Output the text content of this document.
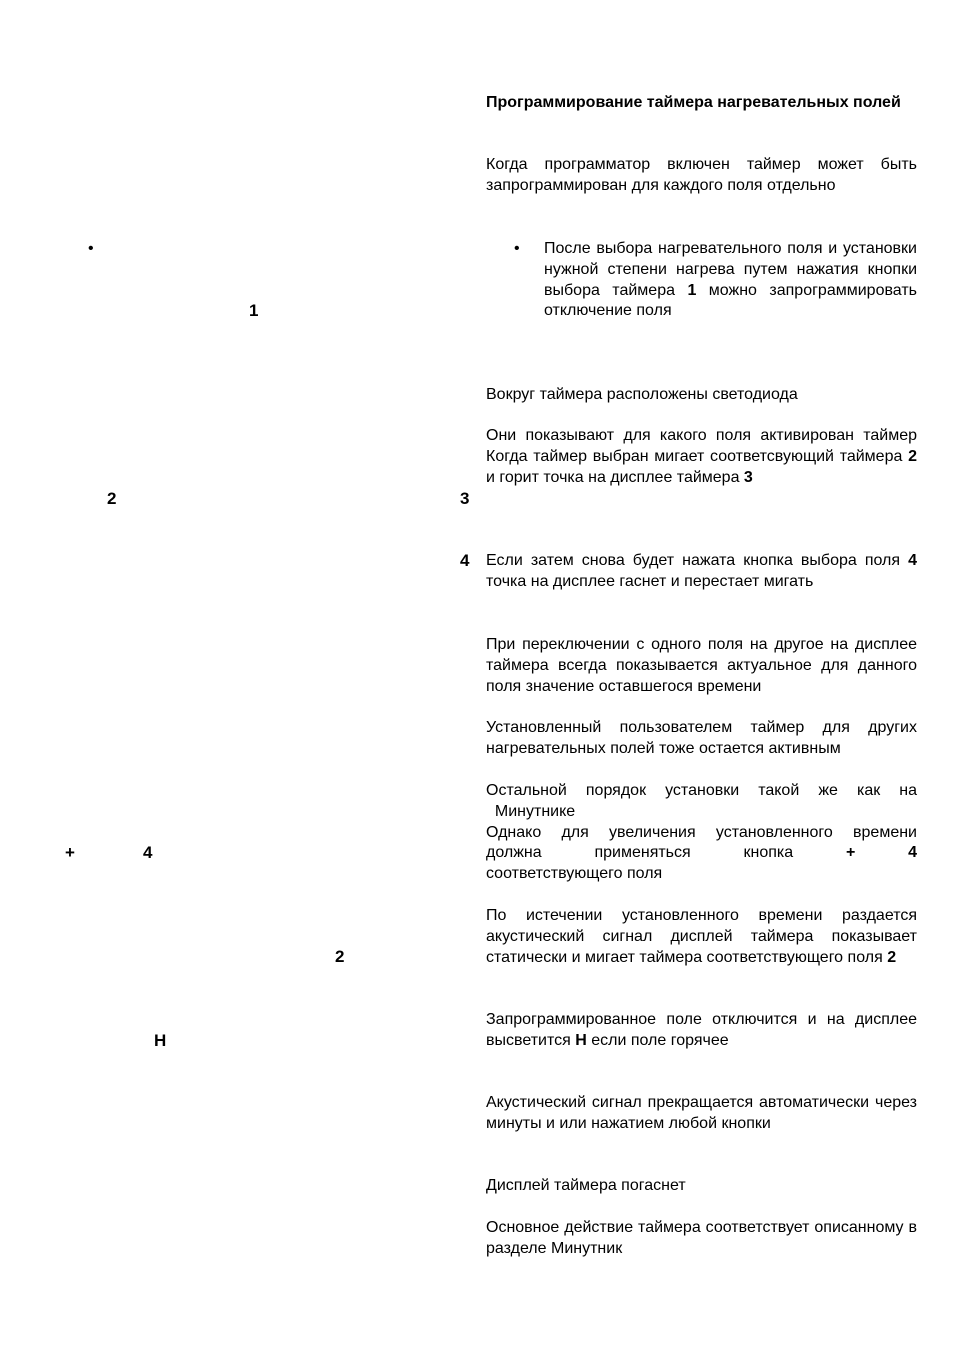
Программирование таймера нагревательных полей
Когда программатор включен таймер может быть запрограммирован для каждого поля отдельно
• После выбора нагревательного поля и установки нужной степени нагрева путем нажатия кнопки выбора таймера 1 можно запрограммировать отключение поля
Вокруг таймера расположены светодиода
Они показывают для какого поля активирован таймер Когда таймер выбран мигает соответсвующий таймера 2 и горит точка на дисплее таймера 3
Если затем снова будет нажата кнопка выбора поля 4 точка на дисплее гаснет и перестает мигать
При переключении с одного поля на другое на дисплее таймера всегда показывается актуальное для данного поля значение оставшегося времени
Установленный пользователем таймер для других нагревательных полей тоже остается активным
Остальной порядок установки такой же как на
Минутнике
Однако для увеличения установленного времени
должна	применяться	кнопка	+	4
соответствующего поля
По истечении установленного времени раздается акустический сигнал дисплей таймера показывает статически и мигает таймера соответствующего поля 2
Запрограммированное поле отключится и на дисплее высветится H если поле горячее
Акустический сигнал прекращается автоматически через минуты и или нажатием любой кнопки
Дисплей таймера погаснет
Основное действие таймера соответствует описанному в разделе Минутник
•
1
2	3
4
+	4
2
H
